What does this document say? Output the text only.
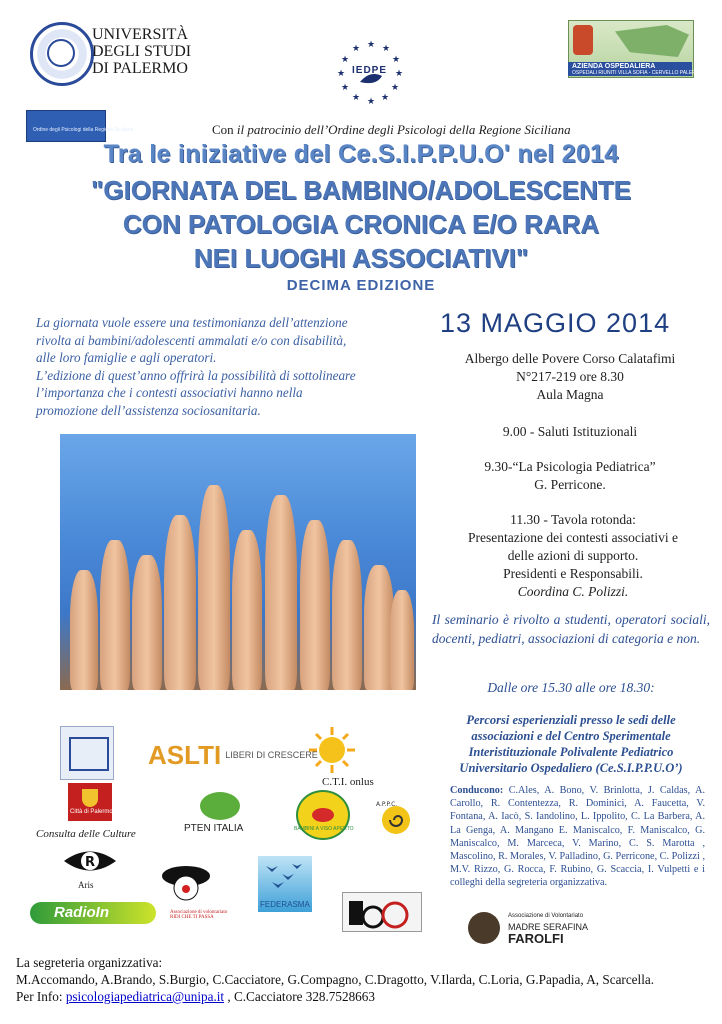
UNIVERSITÀ
DEGLI STUDI
DI PALERMO
★ ★
★
★
★
★
★
★
★
★
★
★
IEDPE	AZIENDA OSPEDALIERA
OSPEDALI RIUNITI VILLA SOFIA - CERVELLO PALERMO
Ordine degli Psicologi della Regione Siciliana	Con il patrocinio dell’Ordine degli Psicologi della Regione Siciliana
Tra le iniziative del Ce.S.I.P.P.U.O' nel 2014
"GIORNATA DEL BAMBINO/ADOLESCENTE
CON PATOLOGIA CRONICA E/O RARA
NEI LUOGHI ASSOCIATIVI"
DECIMA EDIZIONE
La giornata vuole essere una testimonianza dell’attenzione
rivolta ai bambini/adolescenti ammalati e/o con disabilità,
alle loro famiglie e agli operatori.
L’edizione di quest’anno offrirà la possibilità di sottolineare
l’importanza che i contesti associativi hanno nella
promozione dell’assistenza sociosanitaria.
13 MAGGIO 2014
Albergo delle Povere Corso Calatafimi
N°217-219 ore 8.30
Aula Magna
9.00 - Saluti Istituzionali
9.30-“La Psicologia Pediatrica”
G. Perricone.
11.30 - Tavola rotonda:
Presentazione dei contesti associativi e
delle azioni di supporto.
Presidenti e Responsabili.
Coordina C. Polizzi.
Il seminario è rivolto a studenti, operatori sociali, docenti, pediatri, associazioni di categoria e non.
Dalle ore 15.30 alle ore 18.30:
Percorsi esperienziali presso le sedi delle
associazioni e del Centro Sperimentale
Interistituzionale Polivalente Pediatrico
Universitario Ospedaliero (Ce.S.I.P.P.U.O’)
Conducono: C.Ales, A. Bono, V. Brinlotta, J. Caldas, A. Carollo, R. Contentezza, R. Dominici, A. Faucetta, V. Fontana, A. Iacò, S. Iandolino, L. Ippolito, C. La Barbera, A. La Genga, A. Mangano E. Maniscalco, F. Maniscalco, G. Maniscalco, M. Marceca, V. Marino, C. S. Marotta , Mascolino, R. Morales, V. Palladino, G. Perricone, C. Polizzi , M.V. Rizzo, G. Rocca, F. Rubino, G. Scaccia, I. Vulpetti e i colleghi della segreteria organizzativa.
ASLTI $^{LIBERI DI CRESCERE}$
C.T.I. onlus
Città di Palermo
Consulta delle Culture	PTEN ITALIA	BAMBINI A VISO APERTO
A.P.P.C.
R
Aris
RadioIn	Associazione di volontariato RIDI CHE TI PASSA
FEDERASMA
Associazione di Volontariato
MADRE SERAFINA
FAROLFI
La segreteria organizzativa:
M.Accomando, A.Brando, S.Burgio, C.Cacciatore, G.Compagno, C.Dragotto, V.Ilarda, C.Loria, G.Papadia, A, Scarcella.
Per Info: psicologiapediatrica@unipa.it , C.Cacciatore 328.7528663
